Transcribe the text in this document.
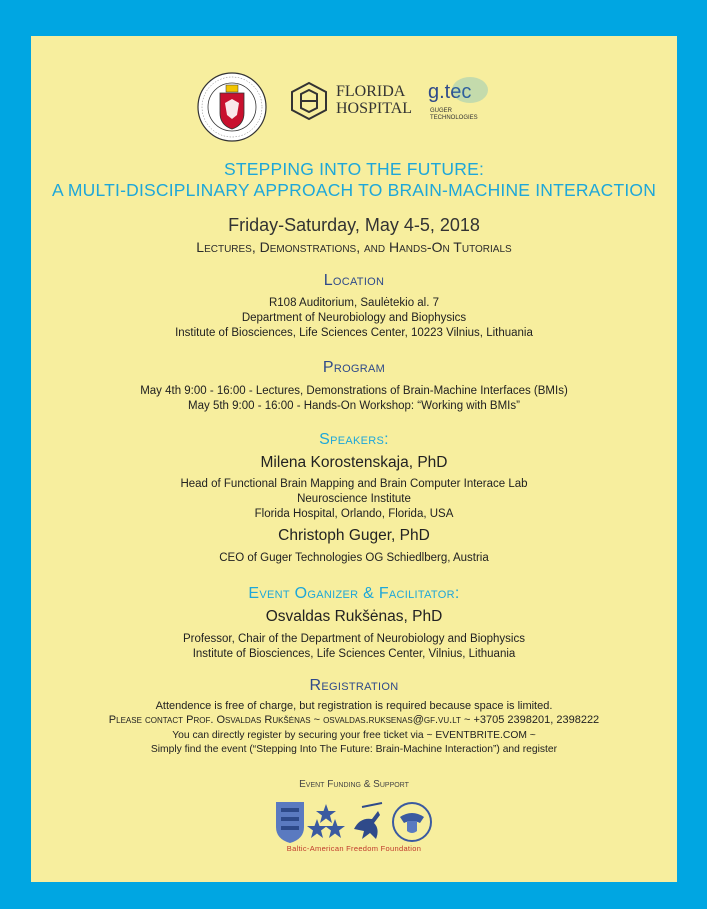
FLORIDA
HOSPITAL
g.tec
GUGER
TECHNOLOGIES
STEPPING INTO THE FUTURE:
A MULTI-DISCIPLINARY APPROACH TO BRAIN-MACHINE INTERACTION
Friday-Saturday, May 4-5, 2018
Lectures, Demonstrations, and Hands-On Tutorials
Location
R108 Auditorium, Saulėtekio al. 7
Department of Neurobiology and Biophysics
Institute of Biosciences, Life Sciences Center, 10223 Vilnius, Lithuania
Program
May 4th 9:00 - 16:00 - Lectures, Demonstrations of Brain-Machine Interfaces (BMIs)
May 5th 9:00 - 16:00 - Hands-On Workshop: “Working with BMIs”
Speakers:
Milena Korostenskaja, PhD
Head of Functional Brain Mapping and Brain Computer Interace Lab
Neuroscience Institute
Florida Hospital, Orlando, Florida, USA
Christoph Guger, PhD
CEO of Guger Technologies OG Schiedlberg, Austria
Event Oganizer & Facilitator:
Osvaldas Rukšėnas, PhD
Professor, Chair of the Department of Neurobiology and Biophysics
Institute of Biosciences, Life Sciences Center, Vilnius, Lithuania
Registration
Attendence is free of charge, but registration is required because space is limited.
Please contact Prof. Osvaldas Rukšėnas ~ osvaldas.ruksenas@gf.vu.lt ~ +3705 2398201, 2398222
You can directly register by securing your free ticket via ~ EVENTBRITE.COM ~
Simply find the event (“Stepping Into The Future: Brain-Machine Interaction”) and register
Event Funding & Support
Baltic-American Freedom Foundation
